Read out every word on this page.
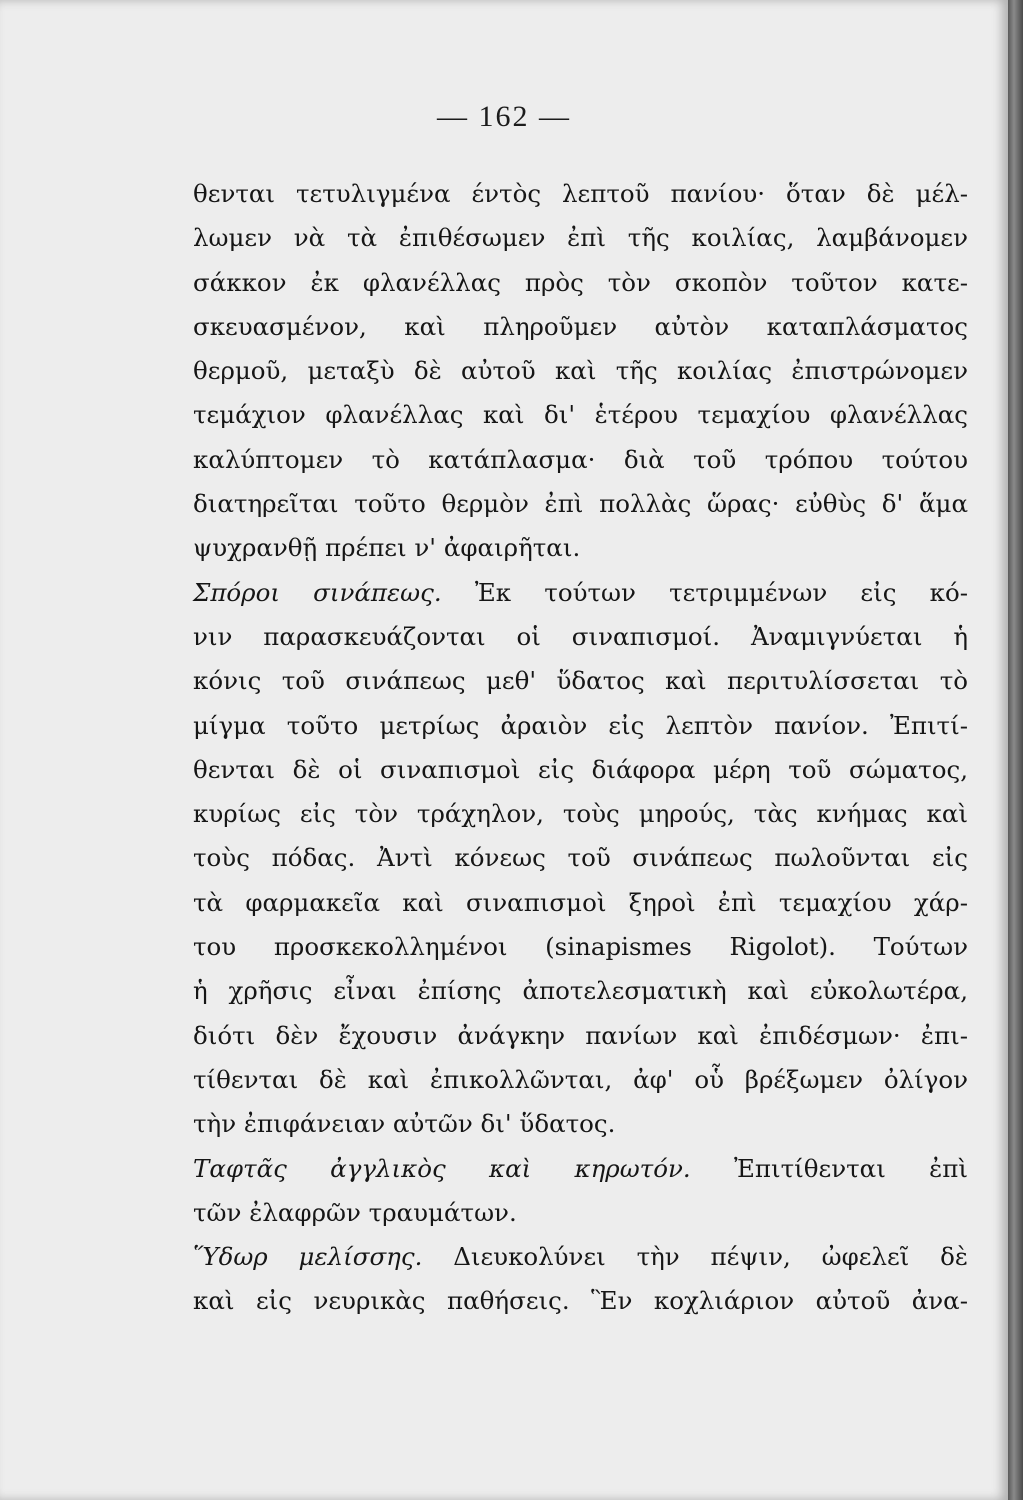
— 162 —
θενται τετυλιγμένα έντὸς λεπτοῦ πανίου· ὅταν δὲ μέλ-
λωμεν νὰ τὰ ἐπιθέσωμεν ἐπὶ τῆς κοιλίας, λαμβάνομεν
σάκκον ἐκ φλανέλλας πρὸς τὸν σκοπὸν τοῦτον κατε-
σκευασμένον, καὶ πληροῦμεν αὐτὸν καταπλάσματος
θερμοῦ, μεταξὺ δὲ αὐτοῦ καὶ τῆς κοιλίας ἐπιστρώνομεν
τεμάχιον φλανέλλας καὶ δι' ἑτέρου τεμαχίου φλανέλλας
καλύπτομεν τὸ κατάπλασμα· διὰ τοῦ τρόπου τούτου
διατηρεῖται τοῦτο θερμὸν ἐπὶ πολλὰς ὥρας· εὐθὺς δ' ἅμα
ψυχρανθῇ πρέπει ν' ἀφαιρῆται.
Σπόροι σινάπεως. Ἐκ τούτων τετριμμένων εἰς κό-
νιν παρασκευάζονται οἱ σιναπισμοί. Ἀναμιγνύεται ἡ
κόνις τοῦ σινάπεως μεθ' ὕδατος καὶ περιτυλίσσεται τὸ
μίγμα τοῦτο μετρίως ἀραιὸν εἰς λεπτὸν πανίον. Ἐπιτί-
θενται δὲ οἱ σιναπισμοὶ εἰς διάφορα μέρη τοῦ σώματος,
κυρίως εἰς τὸν τράχηλον, τοὺς μηρούς, τὰς κνήμας καὶ
τοὺς πόδας. Ἀντὶ κόνεως τοῦ σινάπεως πωλοῦνται εἰς
τὰ φαρμακεῖα καὶ σιναπισμοὶ ξηροὶ ἐπὶ τεμαχίου χάρ-
του προσκεκολλημένοι (sinapismes Rigolot). Τούτων
ἡ χρῆσις εἶναι ἐπίσης ἀποτελεσματικὴ καὶ εὐκολωτέρα,
διότι δὲν ἔχουσιν ἀνάγκην πανίων καὶ ἐπιδέσμων· ἐπι-
τίθενται δὲ καὶ ἐπικολλῶνται, ἀφ' οὗ βρέξωμεν ὀλίγον
τὴν ἐπιφάνειαν αὐτῶν δι' ὕδατος.
Ταφτᾶς ἀγγλικὸς καὶ κηρωτόν. Ἐπιτίθενται ἐπὶ
τῶν ἐλαφρῶν τραυμάτων.
Ὕδωρ μελίσσης. Διευκολύνει τὴν πέψιν, ὠφελεῖ δὲ
καὶ εἰς νευρικὰς παθήσεις. Ἓν κοχλιάριον αὐτοῦ ἀνα-
